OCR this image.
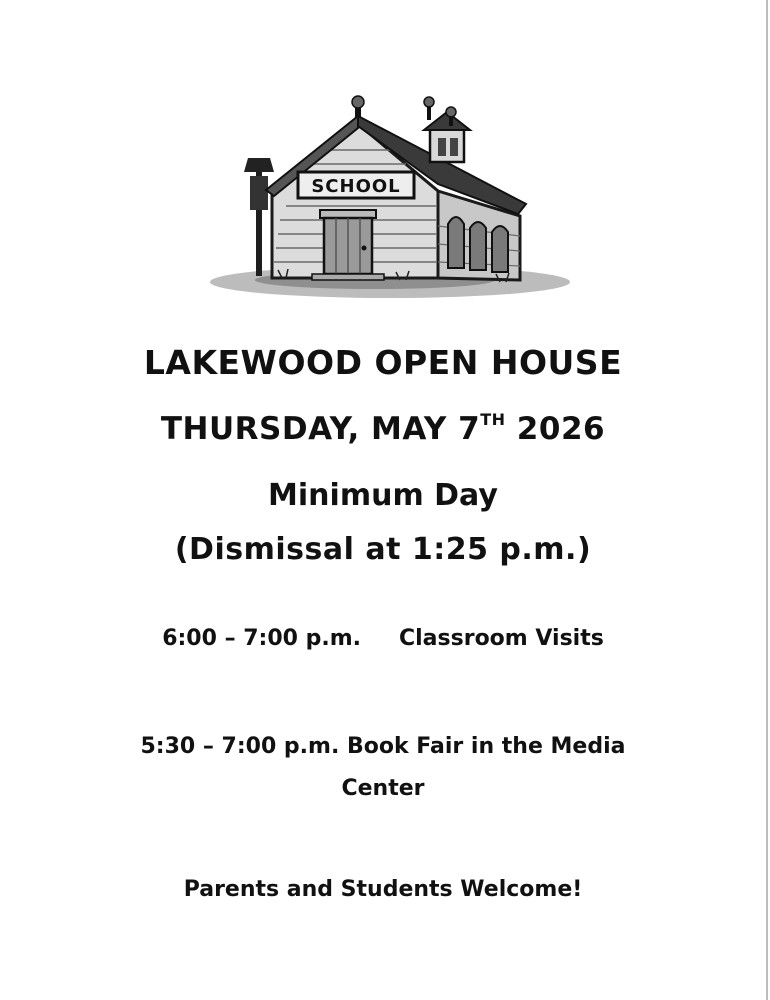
SCHOOL
LAKEWOOD OPEN HOUSE
THURSDAY, MAY 7TH 2026
Minimum Day
(Dismissal at 1:25 p.m.)
6:00 – 7:00 p.m. Classroom Visits
5:30 – 7:00 p.m. Book Fair in the Media
Center
Parents and Students Welcome!
